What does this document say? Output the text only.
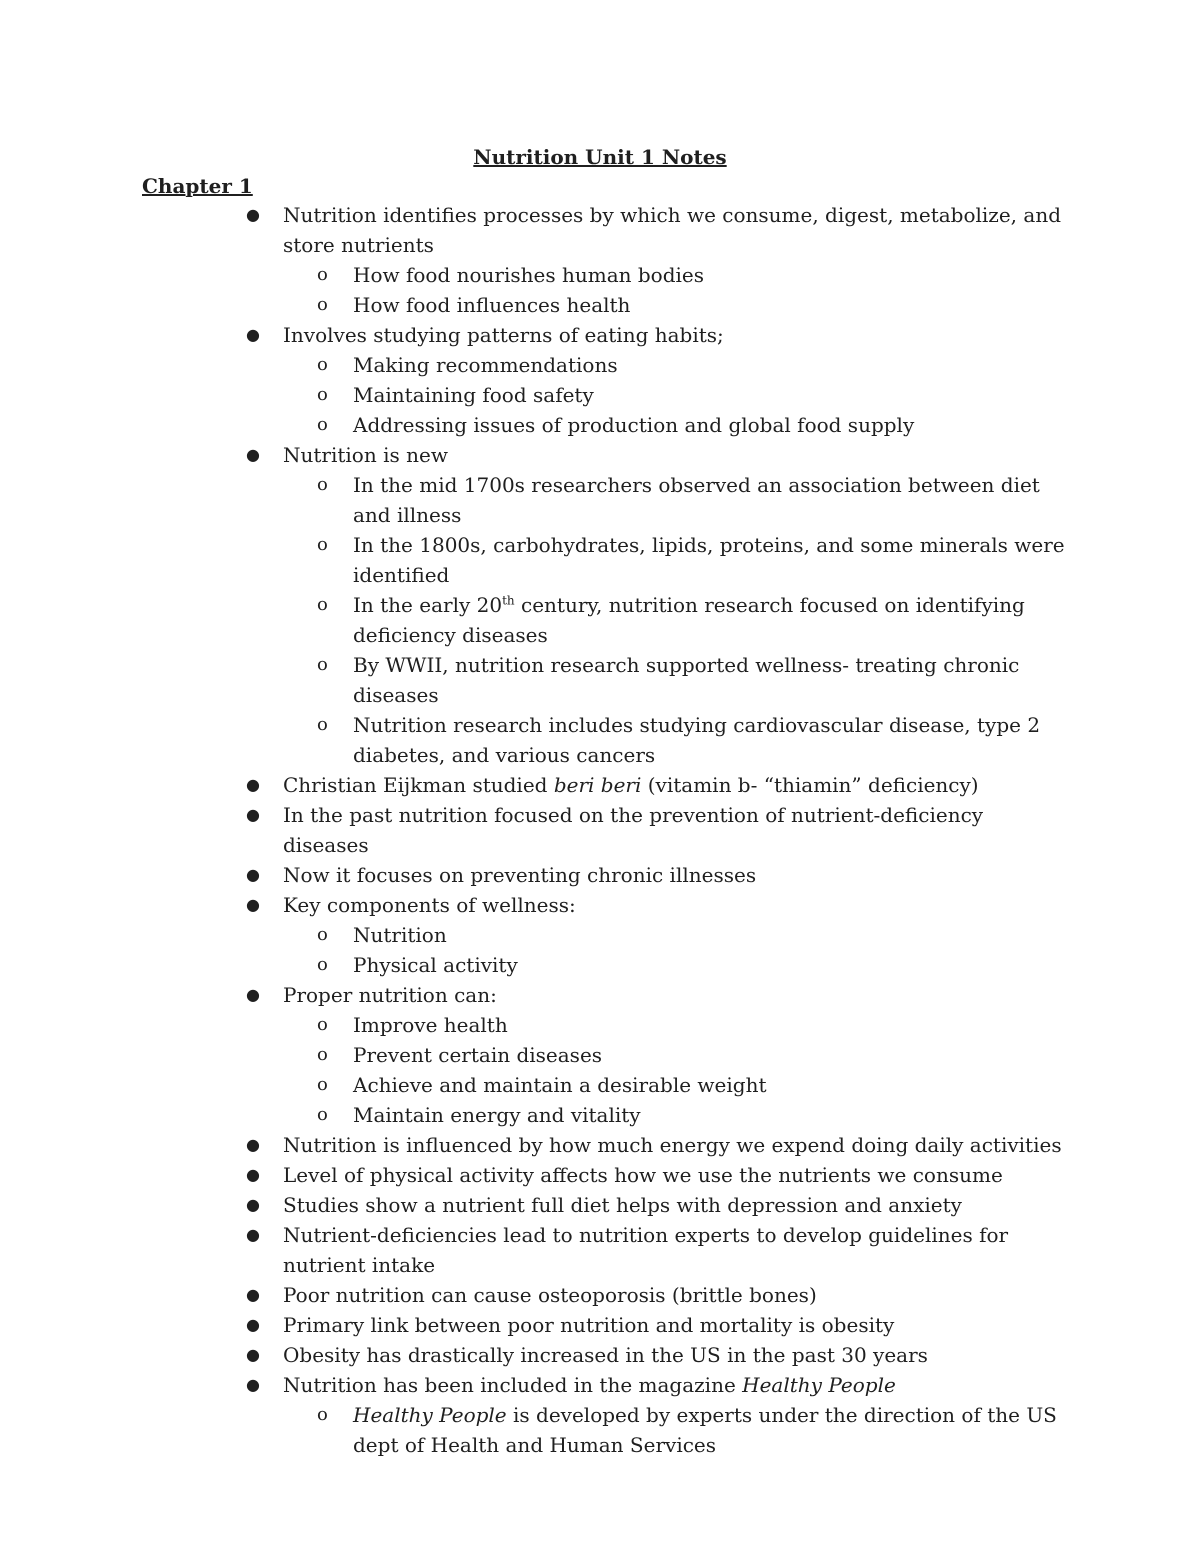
Nutrition Unit 1 Notes
Chapter 1
● Nutrition identifies processes by which we consume, digest, metabolize, and store nutrients
o How food nourishes human bodies
o How food influences health
● Involves studying patterns of eating habits;
o Making recommendations
o Maintaining food safety
o Addressing issues of production and global food supply
● Nutrition is new
o In the mid 1700s researchers observed an association between diet and illness
o In the 1800s, carbohydrates, lipids, proteins, and some minerals were identified
o In the early 20th century, nutrition research focused on identifying deficiency diseases
o By WWII, nutrition research supported wellness- treating chronic diseases
o Nutrition research includes studying cardiovascular disease, type 2 diabetes, and various cancers
● Christian Eijkman studied beri beri (vitamin b- “thiamin” deficiency)
● In the past nutrition focused on the prevention of nutrient-deficiency diseases
● Now it focuses on preventing chronic illnesses
● Key components of wellness:
o Nutrition
o Physical activity
● Proper nutrition can:
o Improve health
o Prevent certain diseases
o Achieve and maintain a desirable weight
o Maintain energy and vitality
● Nutrition is influenced by how much energy we expend doing daily activities
● Level of physical activity affects how we use the nutrients we consume
● Studies show a nutrient full diet helps with depression and anxiety
● Nutrient-deficiencies lead to nutrition experts to develop guidelines for nutrient intake
● Poor nutrition can cause osteoporosis (brittle bones)
● Primary link between poor nutrition and mortality is obesity
● Obesity has drastically increased in the US in the past 30 years
● Nutrition has been included in the magazine Healthy People
o Healthy People is developed by experts under the direction of the US dept of Health and Human Services
